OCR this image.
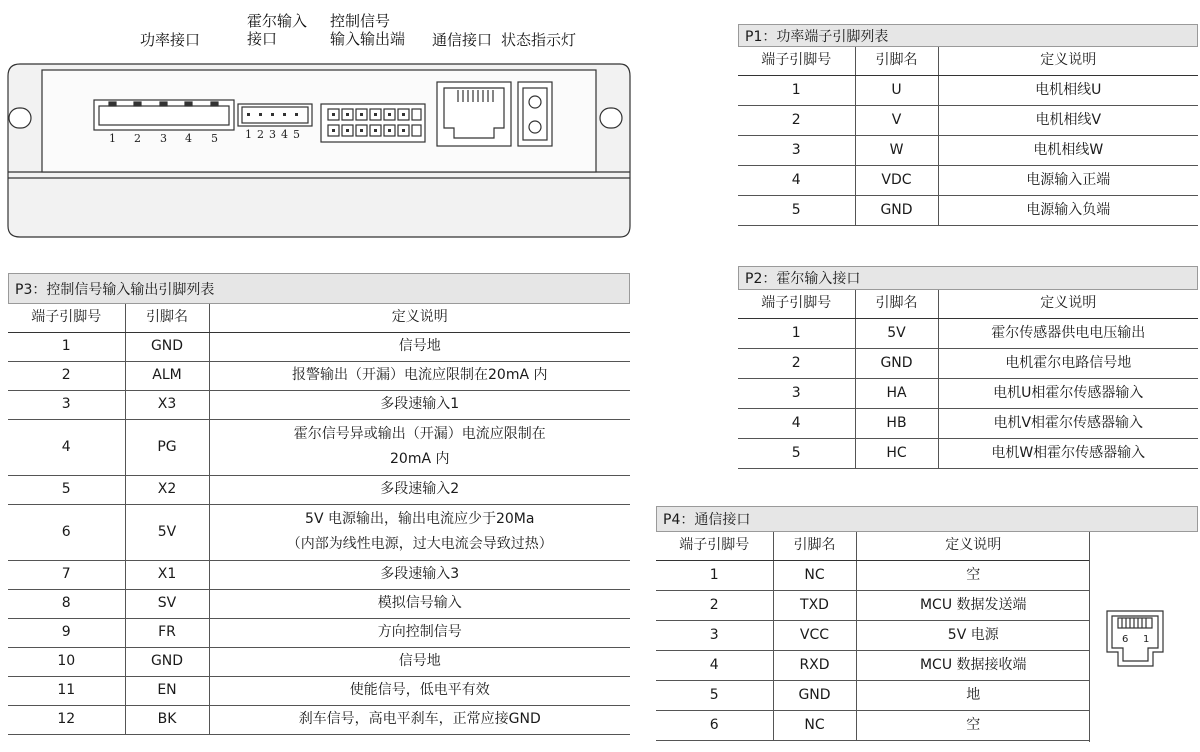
功率接口
霍尔输入
接口
控制信号
输入输出端 通信接口 状态指示灯
1 2 3 4 5 1 2 3 4 5
P1：功率端子引脚列表
端子引脚号	引脚名	定义说明
1	U	电机相线U
2	V	电机相线V
3	W	电机相线W
4	VDC	电源输入正端
5	GND	电源输入负端
P2：霍尔输入接口
端子引脚号	引脚名	定义说明
1	5V	霍尔传感器供电电压输出
2	GND	电机霍尔电路信号地
3	HA	电机U相霍尔传感器输入
4	HB	电机V相霍尔传感器输入
5	HC	电机W相霍尔传感器输入
P3：控制信号输入输出引脚列表
端子引脚号	引脚名	定义说明
1	GND	信号地
2	ALM	报警输出（开漏）电流应限制在20mA 内
3	X3	多段速输入1
4	PG	霍尔信号异或输出（开漏）电流应限制在
20mA 内

5	X2	多段速输入2
6	5V	5V 电源输出，输出电流应少于20Ma
（内部为线性电源，过大电流会导致过热）

7	X1	多段速输入3
8	SV	模拟信号输入
9	FR	方向控制信号
10	GND	信号地
11	EN	使能信号，低电平有效
12	BK	刹车信号，高电平刹车，正常应接GND
P4：通信接口
端子引脚号	引脚名	定义说明
1	NC	空
2	TXD	MCU 数据发送端
3	VCC	5V 电源
4	RXD	MCU 数据接收端
5	GND	地
6	NC	空
6 1
